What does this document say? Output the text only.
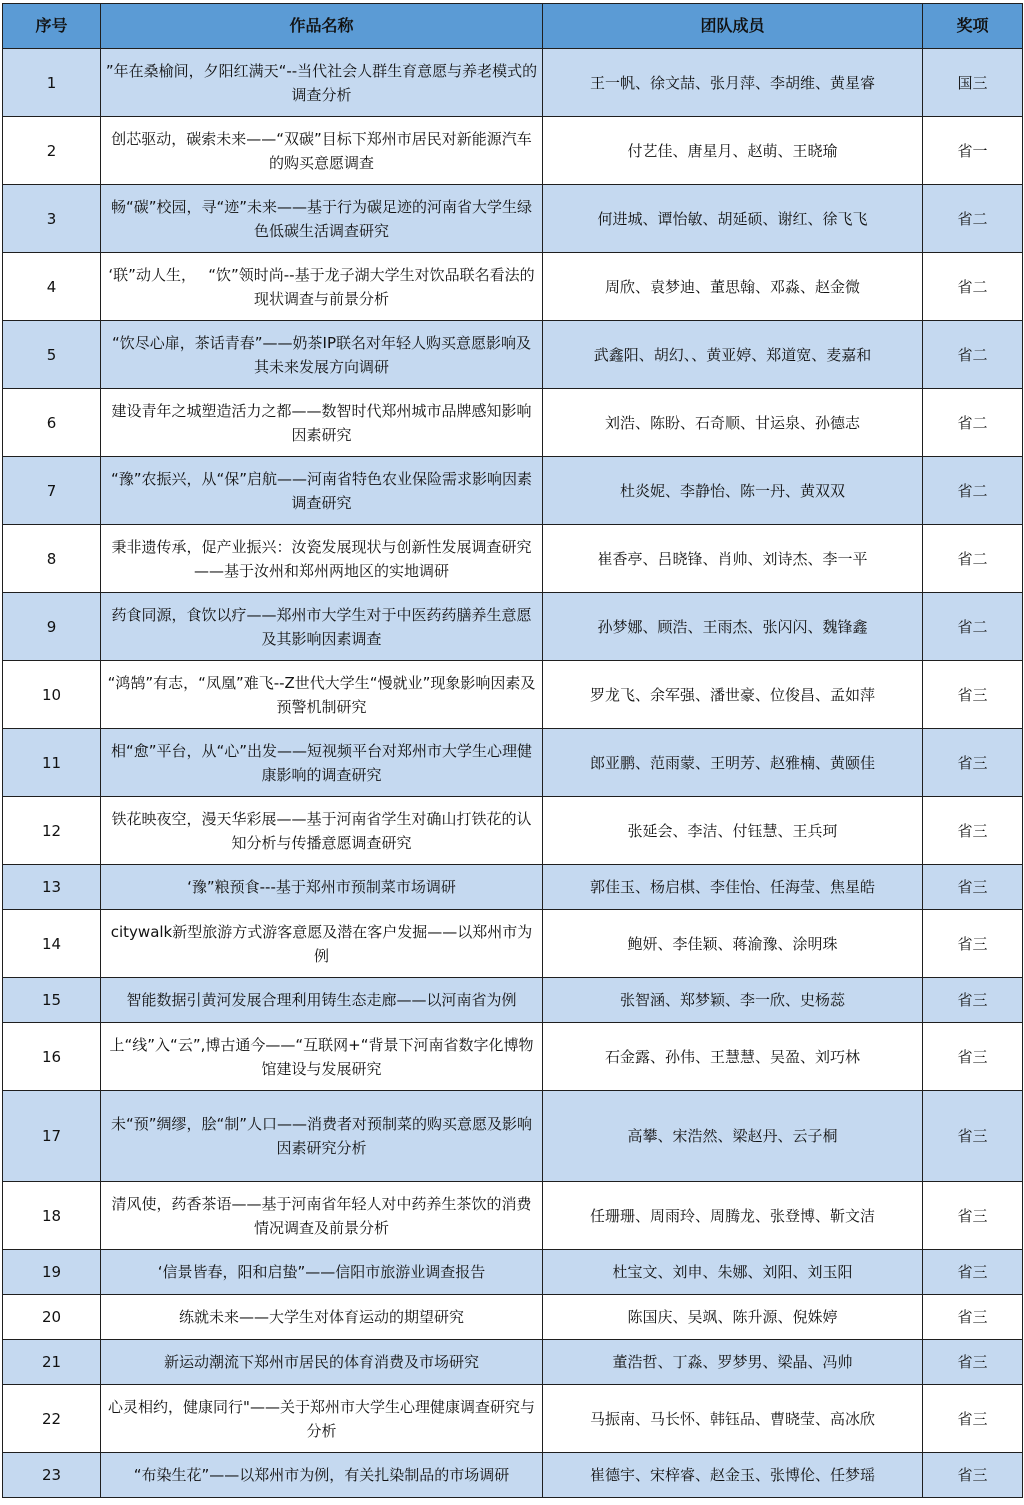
序号	作品名称	团队成员	奖项
1	”年在桑榆间，夕阳红满天“--当代社会人群生育意愿与养老模式的调查分析	王一帆、徐文喆、张月萍、李胡维、黄星睿	国三
2	创芯驱动，碳索未来——“双碳”目标下郑州市居民对新能源汽车的购买意愿调查	付艺佳、唐星月、赵萌、王晓瑜	省一
3	畅“碳”校园，寻“迹”未来——基于行为碳足迹的河南省大学生绿色低碳生活调查研究	何进城、谭怡敏、胡延硕、谢红、徐飞飞	省二
4	‘联”动人生，　 “饮”领时尚--基于龙子湖大学生对饮品联名看法的现状调查与前景分析	周欣、袁梦迪、董思翰、邓淼、赵金微	省二
5	“饮尽心扉，茶话青春”——奶茶IP联名对年轻人购买意愿影响及其未来发展方向调研	武鑫阳、胡幻、、黄亚婷、郑道宽、麦嘉和	省二
6	建设青年之城塑造活力之都——数智时代郑州城市品牌感知影响因素研究	刘浩、陈盼、石奇顺、甘运泉、孙德志	省二
7	“豫”农振兴，从“保”启航——河南省特色农业保险需求影响因素调查研究	杜炎妮、李静怡、陈一丹、黄双双	省二
8	秉非遗传承，促产业振兴：汝瓷发展现状与创新性发展调查研究——基于汝州和郑州两地区的实地调研	崔香亭、吕晓锋、肖帅、刘诗杰、李一平	省二
9	药食同源，食饮以疗——郑州市大学生对于中医药药膳养生意愿及其影响因素调查	孙梦娜、顾浩、王雨杰、张闪闪、魏锋鑫	省二
10	“鸿鹄”有志，“凤凰”难飞--Z世代大学生“慢就业”现象影响因素及预警机制研究	罗龙飞、余军强、潘世豪、位俊昌、孟如萍	省三
11	相“愈”平台，从“心”出发——短视频平台对郑州市大学生心理健康影响的调查研究	郎亚鹏、范雨蒙、王明芳、赵雅楠、黄颐佳	省三
12	铁花映夜空，漫天华彩展——基于河南省学生对确山打铁花的认知分析与传播意愿调查研究	张延会、李洁、付钰慧、王兵珂	省三
13	‘豫”粮预食---基于郑州市预制菜市场调研	郭佳玉、杨启棋、李佳怡、任海莹、焦星皓	省三
14	citywalk新型旅游方式游客意愿及潜在客户发掘——以郑州市为例	鲍妍、李佳颖、蒋渝豫、涂明珠	省三
15	智能数据引黄河发展合理利用铸生态走廊——以河南省为例	张智涵、郑梦颖、李一欣、史杨蕊	省三
16	上“线”入“云”,博古通今——“互联网+“背景下河南省数字化博物馆建设与发展研究	石金露、孙伟、王慧慧、吴盈、刘巧林	省三
17	未“预”绸缪，脍“制”人口——消费者对预制菜的购买意愿及影响因素研究分析	高攀、宋浩然、梁赵丹、云子桐	省三
18	清风使，药香茶语——基于河南省年轻人对中药养生茶饮的消费情况调查及前景分析	任珊珊、周雨玲、周腾龙、张登博、靳文洁	省三
19	‘信景皆春，阳和启蛰”——信阳市旅游业调查报告	杜宝文、刘申、朱娜、刘阳、刘玉阳	省三
20	练就未来——大学生对体育运动的期望研究	陈国庆、吴飒、陈升源、倪姝婷	省三
21	新运动潮流下郑州市居民的体育消费及市场研究	董浩哲、丁淼、罗梦男、梁晶、冯帅	省三
22	心灵相约，健康同行"——关于郑州市大学生心理健康调查研究与分析	马振南、马长怀、韩钰品、曹晓莹、高冰欣	省三
23	“布染生花”——以郑州市为例，有关扎染制品的市场调研	崔德宇、宋梓睿、赵金玉、张博伦、任梦瑶	省三
